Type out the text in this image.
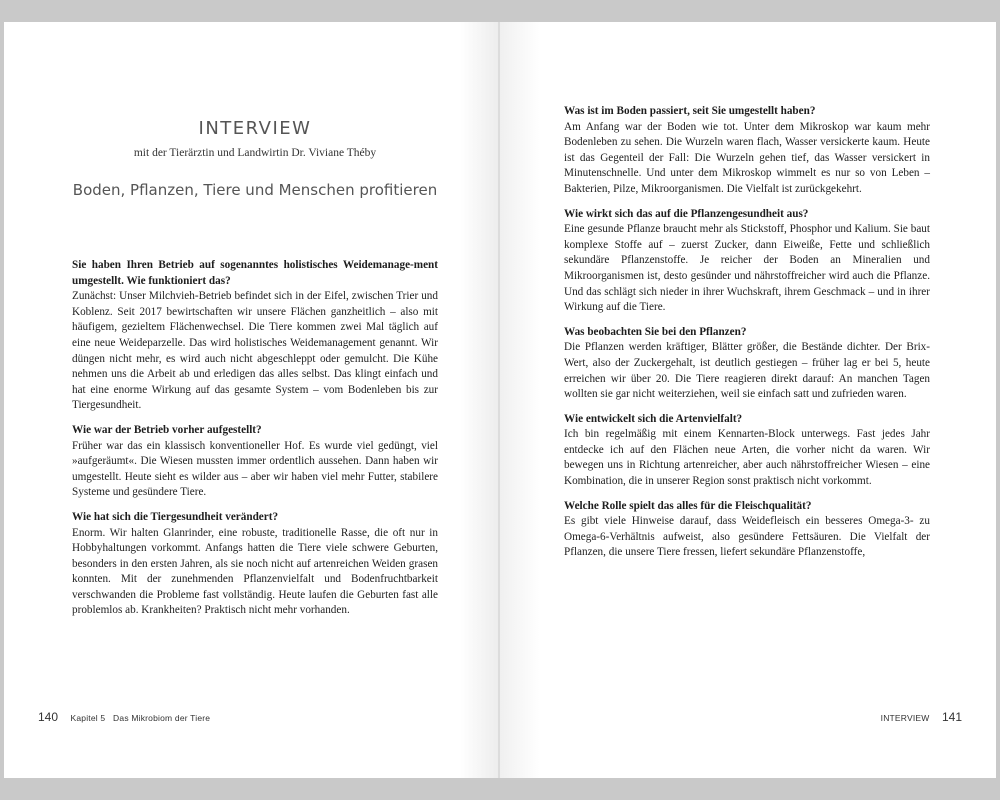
INTERVIEW
mit der Tierärztin und Landwirtin Dr. Viviane Théby
Boden, Pflanzen, Tiere und Menschen profitieren

Sie haben Ihren Betrieb auf sogenanntes holistisches Weidemanage-ment umgestellt. Wie funktioniert das?

Zunächst: Unser Milchvieh-Betrieb befindet sich in der Eifel, zwischen Trier und Koblenz. Seit 2017 bewirtschaften wir unsere Flächen ganzheitlich – also mit häufigem, gezieltem Flächenwechsel. Die Tiere kommen zwei Mal täglich auf eine neue Weideparzelle. Das wird holistisches Weidemanagement genannt. Wir düngen nicht mehr, es wird auch nicht abgeschleppt oder gemulcht. Die Kühe nehmen uns die Arbeit ab und erledigen das alles selbst. Das klingt einfach und hat eine enorme Wirkung auf das gesamte System – vom Bodenleben bis zur Tiergesundheit.

Wie war der Betrieb vorher aufgestellt?

Früher war das ein klassisch konventioneller Hof. Es wurde viel gedüngt, viel »aufgeräumt«. Die Wiesen mussten immer ordentlich aussehen. Dann haben wir umgestellt. Heute sieht es wilder aus – aber wir haben viel mehr Futter, stabilere Systeme und gesündere Tiere.

Wie hat sich die Tiergesundheit verändert?

Enorm. Wir halten Glanrinder, eine robuste, traditionelle Rasse, die oft nur in Hobbyhaltungen vorkommt. Anfangs hatten die Tiere viele schwere Geburten, besonders in den ersten Jahren, als sie noch nicht auf artenreichen Weiden grasen konnten. Mit der zunehmenden Pflanzenvielfalt und Bodenfruchtbarkeit verschwanden die Probleme fast vollständig. Heute laufen die Geburten fast alle problemlos ab. Krankheiten? Praktisch nicht mehr vorhanden.

140 Kapitel 5   Das Mikrobiom der Tiere

Was ist im Boden passiert, seit Sie umgestellt haben?

Am Anfang war der Boden wie tot. Unter dem Mikroskop war kaum mehr Bodenleben zu sehen. Die Wurzeln waren flach, Wasser versickerte kaum. Heute ist das Gegenteil der Fall: Die Wurzeln gehen tief, das Wasser versickert in Minutenschnelle. Und unter dem Mikroskop wimmelt es nur so von Leben – Bakterien, Pilze, Mikroorganismen. Die Vielfalt ist zurückgekehrt.

Wie wirkt sich das auf die Pflanzengesundheit aus?

Eine gesunde Pflanze braucht mehr als Stickstoff, Phosphor und Kalium. Sie baut komplexe Stoffe auf – zuerst Zucker, dann Eiweiße, Fette und schließlich sekundäre Pflanzenstoffe. Je reicher der Boden an Mineralien und Mikroorganismen ist, desto gesünder und nährstoffreicher wird auch die Pflanze. Und das schlägt sich nieder in ihrer Wuchskraft, ihrem Geschmack – und in ihrer Wirkung auf die Tiere.

Was beobachten Sie bei den Pflanzen?

Die Pflanzen werden kräftiger, Blätter größer, die Bestände dichter. Der Brix-Wert, also der Zuckergehalt, ist deutlich gestiegen – früher lag er bei 5, heute erreichen wir über 20. Die Tiere reagieren direkt darauf: An manchen Tagen wollten sie gar nicht weiterziehen, weil sie einfach satt und zufrieden waren.

Wie entwickelt sich die Artenvielfalt?

Ich bin regelmäßig mit einem Kennarten-Block unterwegs. Fast jedes Jahr entdecke ich auf den Flächen neue Arten, die vorher nicht da waren. Wir bewegen uns in Richtung artenreicher, aber auch nährstoffreicher Wiesen – eine Kombination, die in unserer Region sonst praktisch nicht vorkommt.

Welche Rolle spielt das alles für die Fleischqualität?

Es gibt viele Hinweise darauf, dass Weidefleisch ein besseres Omega-3- zu Omega-6-Verhältnis aufweist, also gesündere Fettsäuren. Die Vielfalt der Pflanzen, die unsere Tiere fressen, liefert sekundäre Pflanzenstoffe,

INTERVIEW 141
